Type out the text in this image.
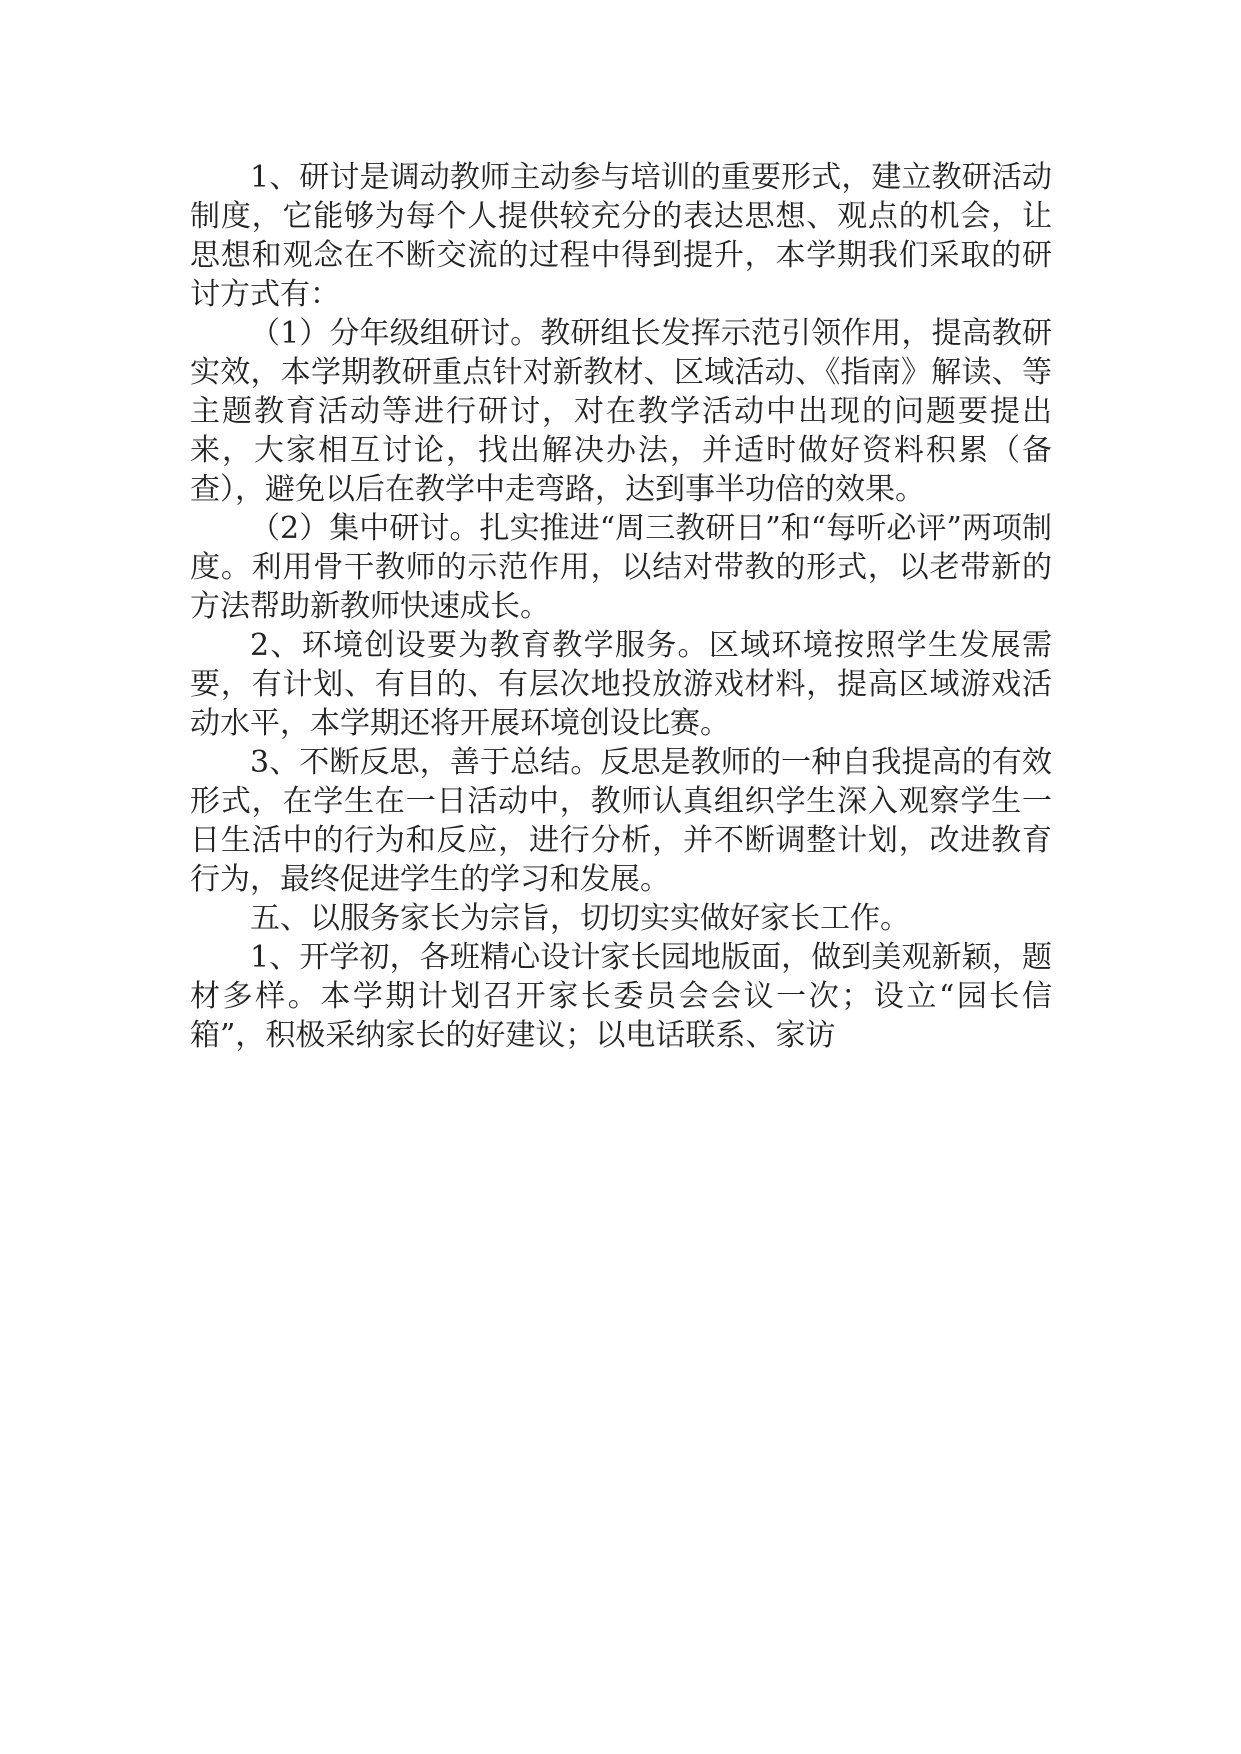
1、研讨是调动教师主动参与培训的重要形式，建立教研活动制度，它能够为每个人提供较充分的表达思想、观点的机会，让思想和观念在不断交流的过程中得到提升，本学期我们采取的研讨方式有：

（1）分年级组研讨。教研组长发挥示范引领作用，提高教研实效，本学期教研重点针对新教材、区域活动、《指南》解读、等主题教育活动等进行研讨，对在教学活动中出现的问题要提出来，大家相互讨论，找出解决办法，并适时做好资料积累（备查），避免以后在教学中走弯路，达到事半功倍的效果。

（2）集中研讨。扎实推进“周三教研日”和“每听必评”两项制度。利用骨干教师的示范作用，以结对带教的形式，以老带新的方法帮助新教师快速成长。

2、环境创设要为教育教学服务。区域环境按照学生发展需要，有计划、有目的、有层次地投放游戏材料，提高区域游戏活动水平，本学期还将开展环境创设比赛。

3、不断反思，善于总结。反思是教师的一种自我提高的有效形式，在学生在一日活动中，教师认真组织学生深入观察学生一日生活中的行为和反应，进行分析，并不断调整计划，改进教育行为，最终促进学生的学习和发展。

五、以服务家长为宗旨，切切实实做好家长工作。

1、开学初，各班精心设计家长园地版面，做到美观新颖，题材多样。本学期计划召开家长委员会会议一次；设立“园长信箱”，积极采纳家长的好建议；以电话联系、家访
